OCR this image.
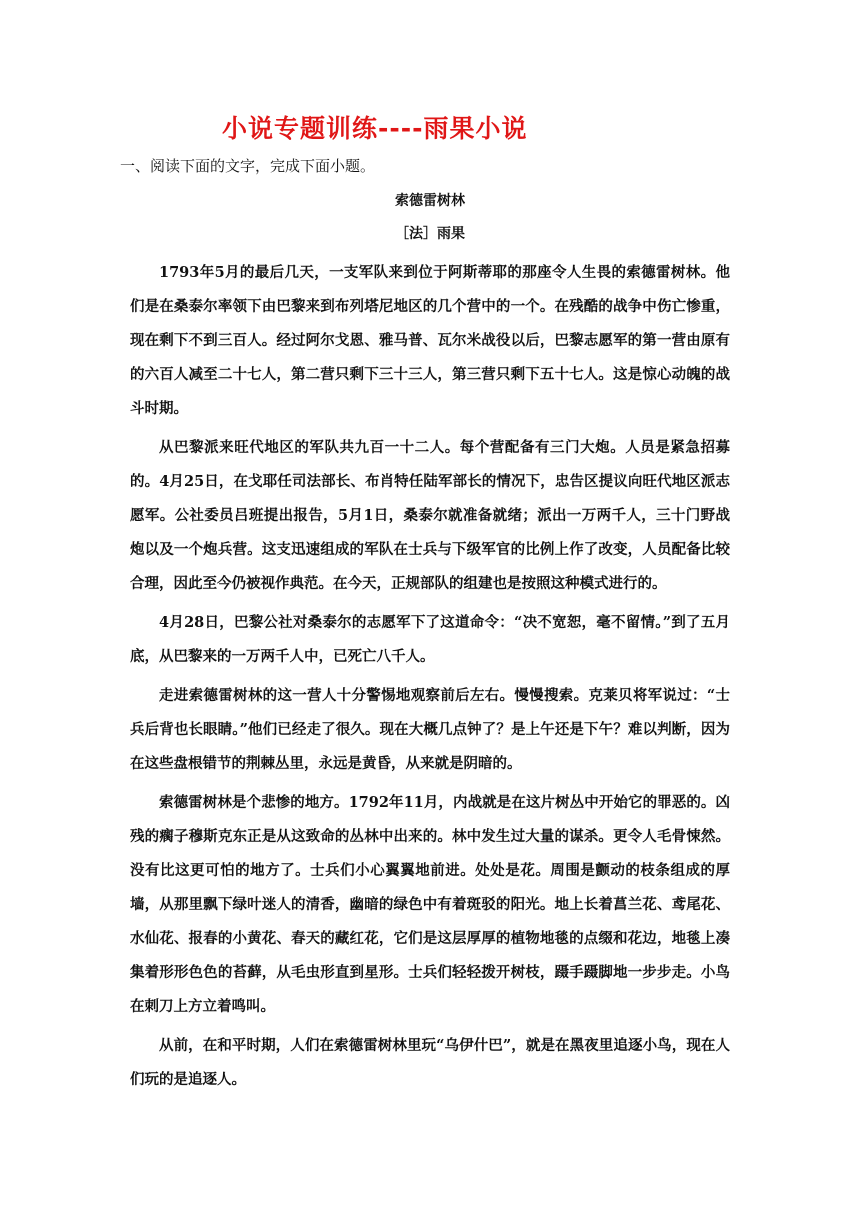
小说专题训练----雨果小说
一、阅读下面的文字，完成下面小题。
索德雷树林
［法］雨果

1793年5月的最后几天，一支军队来到位于阿斯蒂耶的那座令人生畏的索德雷树林。他们是在桑泰尔率领下由巴黎来到布列塔尼地区的几个营中的一个。在残酷的战争中伤亡惨重，现在剩下不到三百人。经过阿尔戈恩、雅马普、瓦尔米战役以后，巴黎志愿军的第一营由原有的六百人减至二十七人，第二营只剩下三十三人，第三营只剩下五十七人。这是惊心动魄的战斗时期。

从巴黎派来旺代地区的军队共九百一十二人。每个营配备有三门大炮。人员是紧急招募的。4月25日，在戈耶任司法部长、布肖特任陆军部长的情况下，忠告区提议向旺代地区派志愿军。公社委员吕班提出报告，5月1日，桑泰尔就准备就绪；派出一万两千人，三十门野战炮以及一个炮兵营。这支迅速组成的军队在士兵与下级军官的比例上作了改变，人员配备比较合理，因此至今仍被视作典范。在今天，正规部队的组建也是按照这种模式进行的。

4月28日，巴黎公社对桑泰尔的志愿军下了这道命令：“决不宽恕，毫不留情。”到了五月底，从巴黎来的一万两千人中，已死亡八千人。

走进索德雷树林的这一营人十分警惕地观察前后左右。慢慢搜索。克莱贝将军说过：“士兵后背也长眼睛。”他们已经走了很久。现在大概几点钟了？是上午还是下午？难以判断，因为在这些盘根错节的荆棘丛里，永远是黄昏，从来就是阴暗的。

索德雷树林是个悲惨的地方。1792年11月，内战就是在这片树丛中开始它的罪恶的。凶残的瘸子穆斯克东正是从这致命的丛林中出来的。林中发生过大量的谋杀。更令人毛骨悚然。没有比这更可怕的地方了。士兵们小心翼翼地前进。处处是花。周围是颤动的枝条组成的厚墙，从那里飘下绿叶迷人的清香，幽暗的绿色中有着斑驳的阳光。地上长着菖兰花、鸢尾花、水仙花、报春的小黄花、春天的藏红花，它们是这层厚厚的植物地毯的点缀和花边，地毯上凑集着形形色色的苔藓，从毛虫形直到星形。士兵们轻轻拨开树枝，蹑手蹑脚地一步步走。小鸟在刺刀上方立着鸣叫。

从前，在和平时期，人们在索德雷树林里玩“乌伊什巴”，就是在黑夜里追逐小鸟，现在人们玩的是追逐人。
